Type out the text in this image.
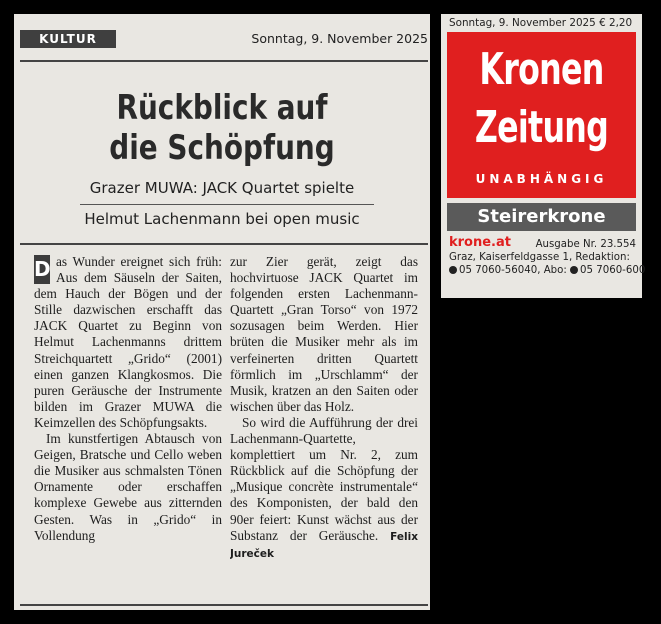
KULTUR	Sonntag, 9. November 2025
Rückblick auf
die Schöpfung
Grazer MUWA: JACK Quartet spielte
Helmut Lachenmann bei open music

D as Wunder ereignet sich früh: Aus dem Säuseln der Saiten, dem Hauch der Bögen und der Stille dazwischen erschafft das JACK Quartet zu Beginn von Helmut Lachenmanns drittem Streichquartett „Grido“ (2001) einen ganzen Klangkosmos. Die puren Geräusche der Instrumente bilden im Grazer MUWA die Keimzellen des Schöpfungsakts.

Im kunstfertigen Abtausch von Geigen, Bratsche und Cello weben die Musiker aus schmalsten Tönen Ornamente oder erschaffen komplexe Gewebe aus zitternden Gesten. Was in „Grido“ in Vollendung

zur Zier gerät, zeigt das hochvirtuose JACK Quartet im folgenden ersten Lachenmann-Quartett „Gran Torso“ von 1972 sozusagen beim Werden. Hier brüten die Musiker mehr als im verfeinerten dritten Quartett förmlich im „Urschlamm“ der Musik, kratzen an den Saiten oder wischen über das Holz.

So wird die Aufführung der drei Lachenmann-Quartette, komplettiert um Nr. 2, zum Rückblick auf die Schöpfung der „Musique concrète instrumentale“ des Komponisten, der bald den 90er feiert: Kunst wächst aus der Substanz der Geräusche. Felix Jureček

Sonntag, 9. November 2025 € 2,20
Kronen
Zeitung
UNABHÄNGIG
Steirerkrone
krone.at Ausgabe Nr. 23.554
Graz, Kaiserfeldgasse 1, Redaktion:
05 7060-56040, Abo: 05 7060-600
